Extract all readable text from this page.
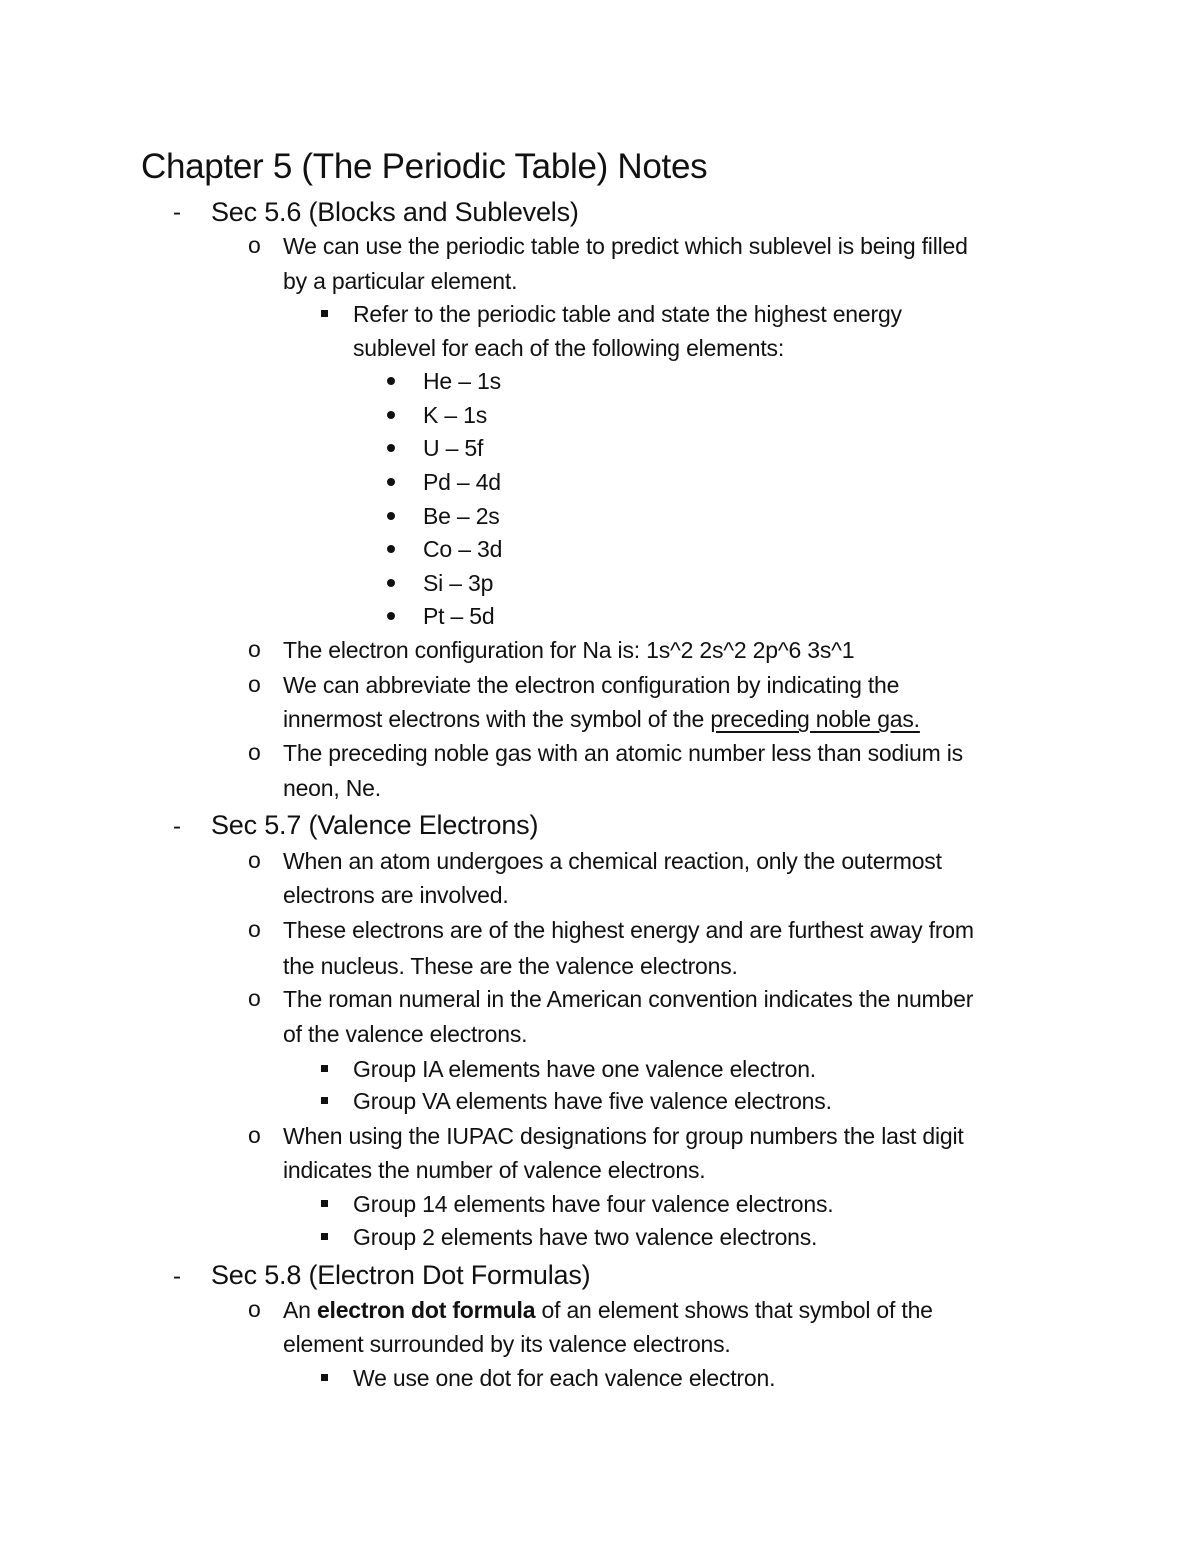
Chapter 5 (The Periodic Table) Notes
- Sec 5.6 (Blocks and Sublevels)
o We can use the periodic table to predict which sublevel is being filled
by a particular element.
Refer to the periodic table and state the highest energy
sublevel for each of the following elements:
He – 1s
K – 1s
U – 5f
Pd – 4d
Be – 2s
Co – 3d
Si – 3p
Pt – 5d
o The electron configuration for Na is: 1s^2 2s^2 2p^6 3s^1
o We can abbreviate the electron configuration by indicating the
innermost electrons with the symbol of the preceding noble gas.
o The preceding noble gas with an atomic number less than sodium is
neon, Ne.
- Sec 5.7 (Valence Electrons)
o When an atom undergoes a chemical reaction, only the outermost
electrons are involved.
o These electrons are of the highest energy and are furthest away from
the nucleus. These are the valence electrons.
o The roman numeral in the American convention indicates the number
of the valence electrons.
Group IA elements have one valence electron.
Group VA elements have five valence electrons.
o When using the IUPAC designations for group numbers the last digit
indicates the number of valence electrons.
Group 14 elements have four valence electrons.
Group 2 elements have two valence electrons.
- Sec 5.8 (Electron Dot Formulas)
o An electron dot formula of an element shows that symbol of the
element surrounded by its valence electrons.
We use one dot for each valence electron.
